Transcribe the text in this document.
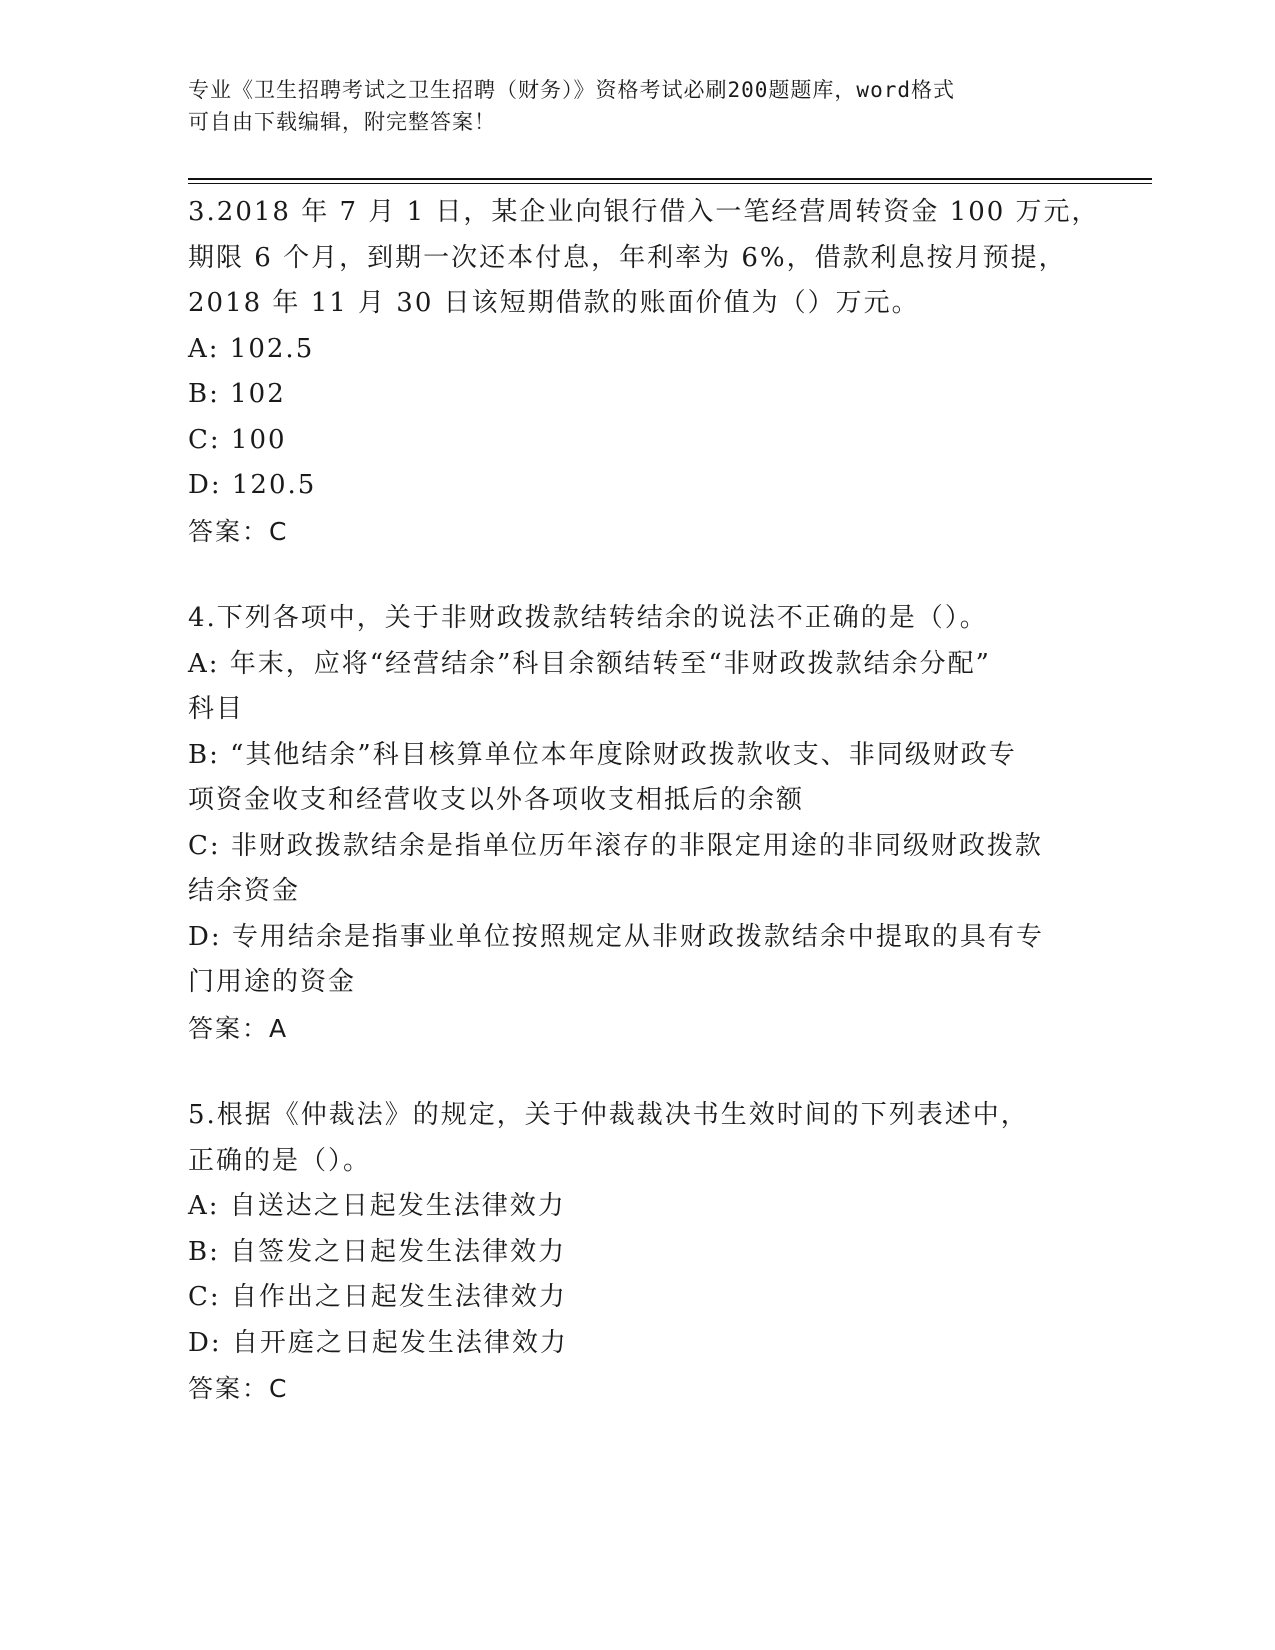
专业《卫生招聘考试之卫生招聘（财务）》资格考试必刷200题题库，word格式
可自由下载编辑，附完整答案！
3.2018 年 7 月 1 日，某企业向银行借入一笔经营周转资金 100 万元，
期限 6 个月，到期一次还本付息，年利率为 6%，借款利息按月预提，
2018 年 11 月 30 日该短期借款的账面价值为（）万元。
A: 102.5
B: 102
C: 100
D: 120.5
答案：C
4.下列各项中，关于非财政拨款结转结余的说法不正确的是（）。
A: 年末，应将“经营结余”科目余额结转至“非财政拨款结余分配”
科目
B: “其他结余”科目核算单位本年度除财政拨款收支、非同级财政专
项资金收支和经营收支以外各项收支相抵后的余额
C: 非财政拨款结余是指单位历年滚存的非限定用途的非同级财政拨款
结余资金
D: 专用结余是指事业单位按照规定从非财政拨款结余中提取的具有专
门用途的资金
答案：A
5.根据《仲裁法》的规定，关于仲裁裁决书生效时间的下列表述中，
正确的是（）。
A: 自送达之日起发生法律效力
B: 自签发之日起发生法律效力
C: 自作出之日起发生法律效力
D: 自开庭之日起发生法律效力
答案：C
